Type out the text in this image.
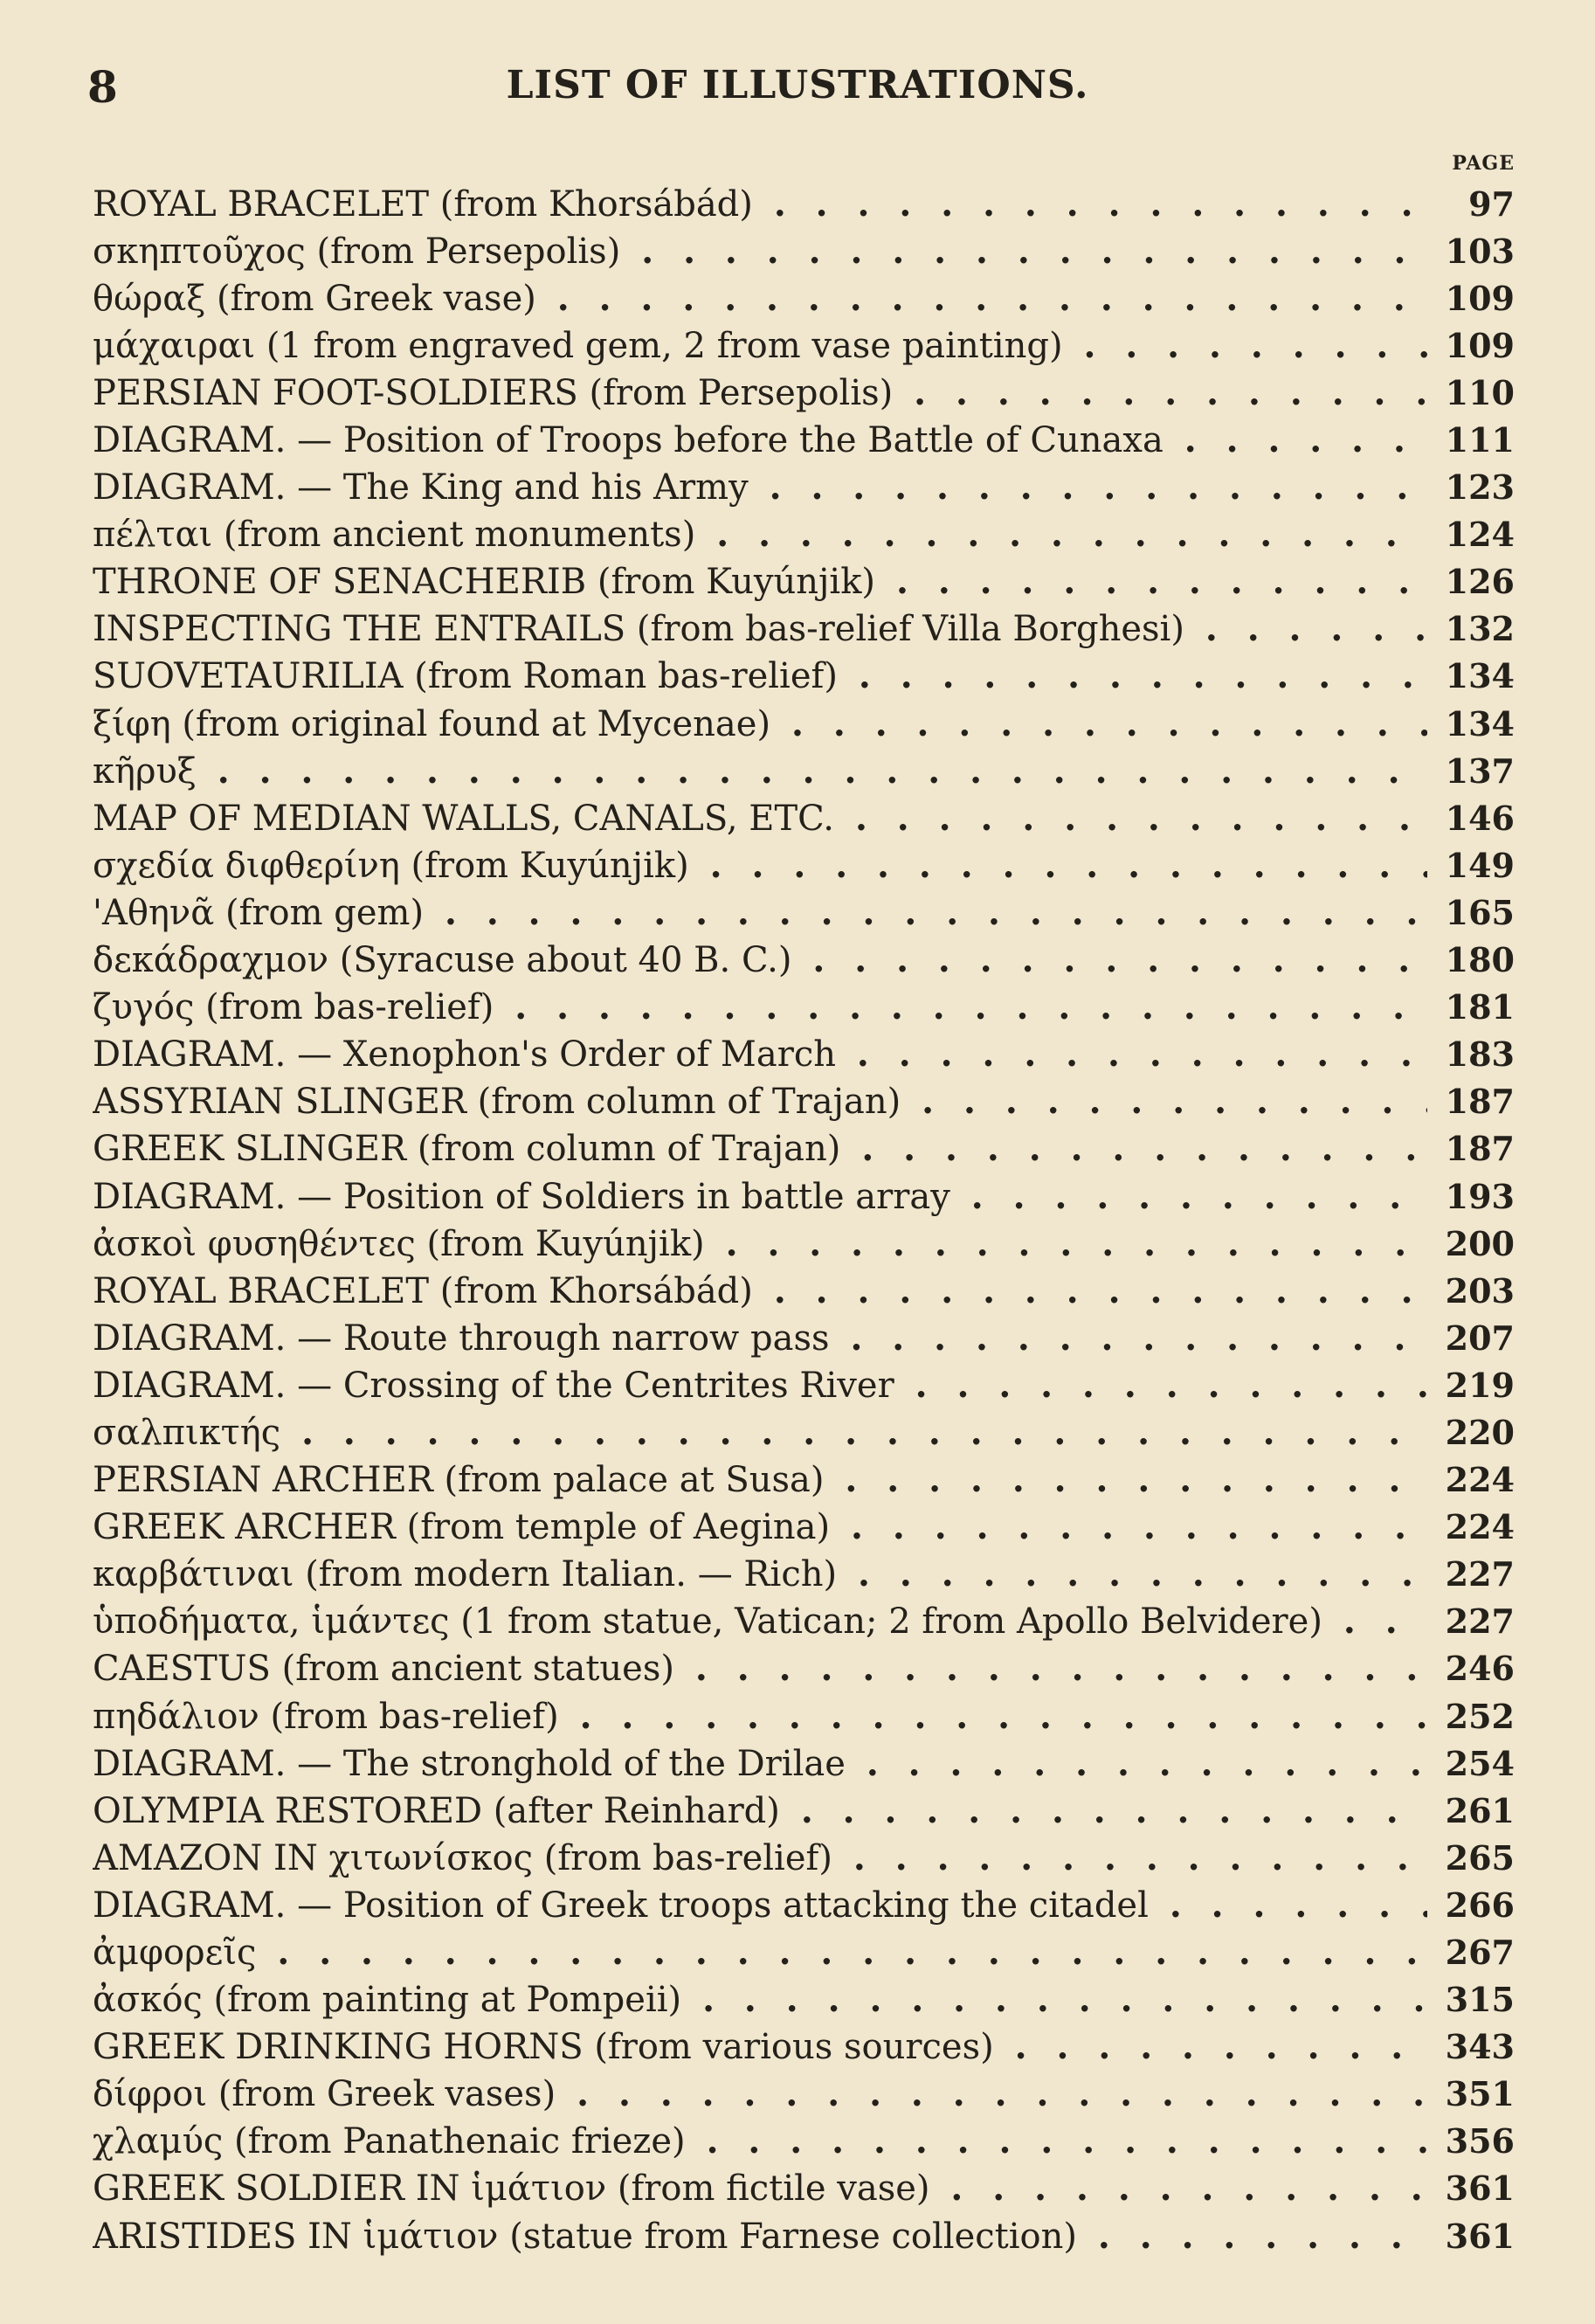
8	LIST OF ILLUSTRATIONS.
PAGE
ROYAL BRACELET (from Khorsábád) . . .	97
σκηπτοῦχος (from Persepolis) . . .	103
θώραξ (from Greek vase) . . .	109
μάχαιραι (1 from engraved gem, 2 from vase painting) . . .	109
PERSIAN FOOT-SOLDIERS (from Persepolis) . . .	110
DIAGRAM. — Position of Troops before the Battle of Cunaxa . . .	111
DIAGRAM. — The King and his Army . . .	123
πέλται (from ancient monuments) . . .	124
THRONE OF SENACHERIB (from Kuyúnjik) . . .	126
INSPECTING THE ENTRAILS (from bas-relief Villa Borghesi) . . .	132
SUOVETAURILIA (from Roman bas-relief) . . .	134
ξίφη (from original found at Mycenae) . . .	134
κῆρυξ . . .	137
MAP OF MEDIAN WALLS, CANALS, ETC. . . .	146
σχεδία διφθερίνη (from Kuyúnjik) . . .	149
'Αθηνᾶ (from gem) . . .	165
δεκάδραχμον (Syracuse about 40 B. C.) . . .	180
ζυγός (from bas-relief) . . .	181
DIAGRAM. — Xenophon's Order of March . . .	183
ASSYRIAN SLINGER (from column of Trajan) . . .	187
GREEK SLINGER (from column of Trajan) . . .	187
DIAGRAM. — Position of Soldiers in battle array . . .	193
ἀσκοὶ φυσηθέντες (from Kuyúnjik) . . .	200
ROYAL BRACELET (from Khorsábád) . . .	203
DIAGRAM. — Route through narrow pass . . .	207
DIAGRAM. — Crossing of the Centrites River . . .	219
σαλπικτής . . .	220
PERSIAN ARCHER (from palace at Susa) . . .	224
GREEK ARCHER (from temple of Aegina) . . .	224
καρβάτιναι (from modern Italian. — Rich) . . .	227
ὑποδήματα, ἱμάντες (1 from statue, Vatican; 2 from Apollo Belvidere) . . .	227
CAESTUS (from ancient statues) . . .	246
πηδάλιον (from bas-relief) . . .	252
DIAGRAM. — The stronghold of the Drilae . . .	254
OLYMPIA RESTORED (after Reinhard) . . .	261
AMAZON IN χιτωνίσκος (from bas-relief) . . .	265
DIAGRAM. — Position of Greek troops attacking the citadel . . .	266
ἀμφορεῖς . . .	267
ἀσκός (from painting at Pompeii) . . .	315
GREEK DRINKING HORNS (from various sources) . . .	343
δίφροι (from Greek vases) . . .	351
χλαμύς (from Panathenaic frieze) . . .	356
GREEK SOLDIER IN ἱμάτιον (from fictile vase) . . .	361
ARISTIDES IN ἱμάτιον (statue from Farnese collection) . . .	361
